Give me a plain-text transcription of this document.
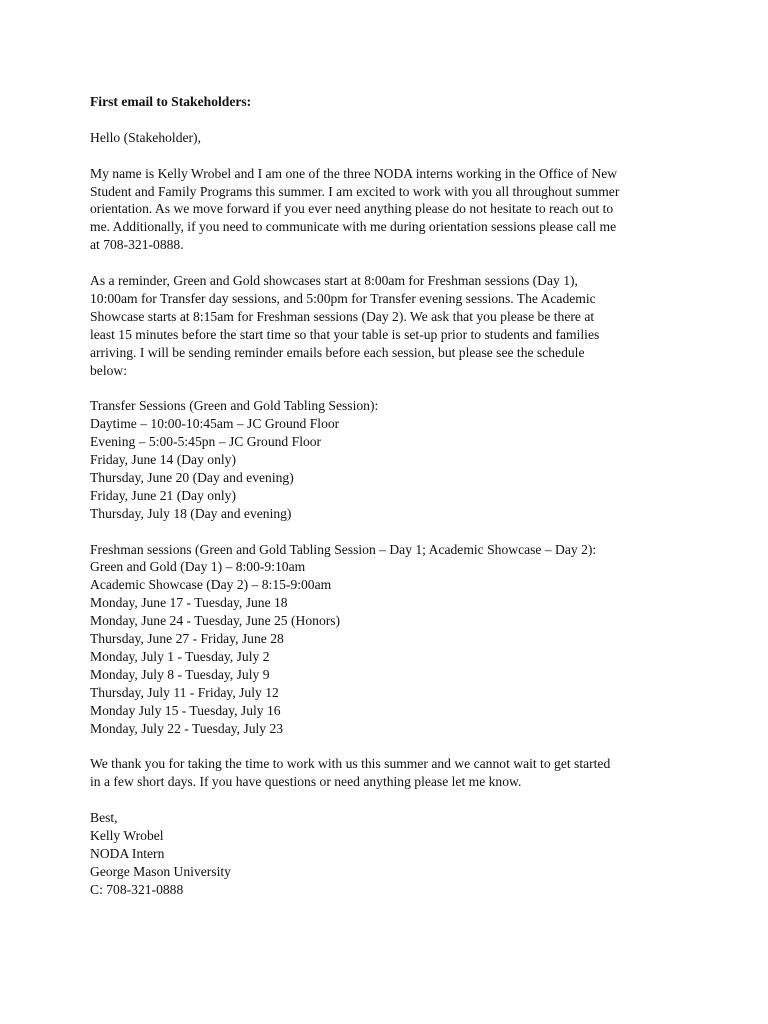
First email to Stakeholders:

Hello (Stakeholder),

My name is Kelly Wrobel and I am one of the three NODA interns working in the Office of New
Student and Family Programs this summer. I am excited to work with you all throughout summer
orientation. As we move forward if you ever need anything please do not hesitate to reach out to
me. Additionally, if you need to communicate with me during orientation sessions please call me
at 708-321-0888.
As a reminder, Green and Gold showcases start at 8:00am for Freshman sessions (Day 1),
10:00am for Transfer day sessions, and 5:00pm for Transfer evening sessions. The Academic
Showcase starts at 8:15am for Freshman sessions (Day 2). We ask that you please be there at
least 15 minutes before the start time so that your table is set-up prior to students and families
arriving. I will be sending reminder emails before each session, but please see the schedule
below:
Transfer Sessions (Green and Gold Tabling Session):
Daytime – 10:00-10:45am – JC Ground Floor
Evening – 5:00-5:45pn – JC Ground Floor
Friday, June 14 (Day only)
Thursday, June 20 (Day and evening)
Friday, June 21 (Day only)
Thursday, July 18 (Day and evening)
Freshman sessions (Green and Gold Tabling Session – Day 1; Academic Showcase – Day 2):
Green and Gold (Day 1) – 8:00-9:10am
Academic Showcase (Day 2) – 8:15-9:00am
Monday, June 17 - Tuesday, June 18
Monday, June 24 - Tuesday, June 25 (Honors)
Thursday, June 27 - Friday, June 28
Monday, July 1 - Tuesday, July 2
Monday, July 8 - Tuesday, July 9
Thursday, July 11 - Friday, July 12
Monday July 15 - Tuesday, July 16
Monday, July 22 - Tuesday, July 23
We thank you for taking the time to work with us this summer and we cannot wait to get started
in a few short days. If you have questions or need anything please let me know.
Best,
Kelly Wrobel
NODA Intern
George Mason University
C: 708-321-0888
